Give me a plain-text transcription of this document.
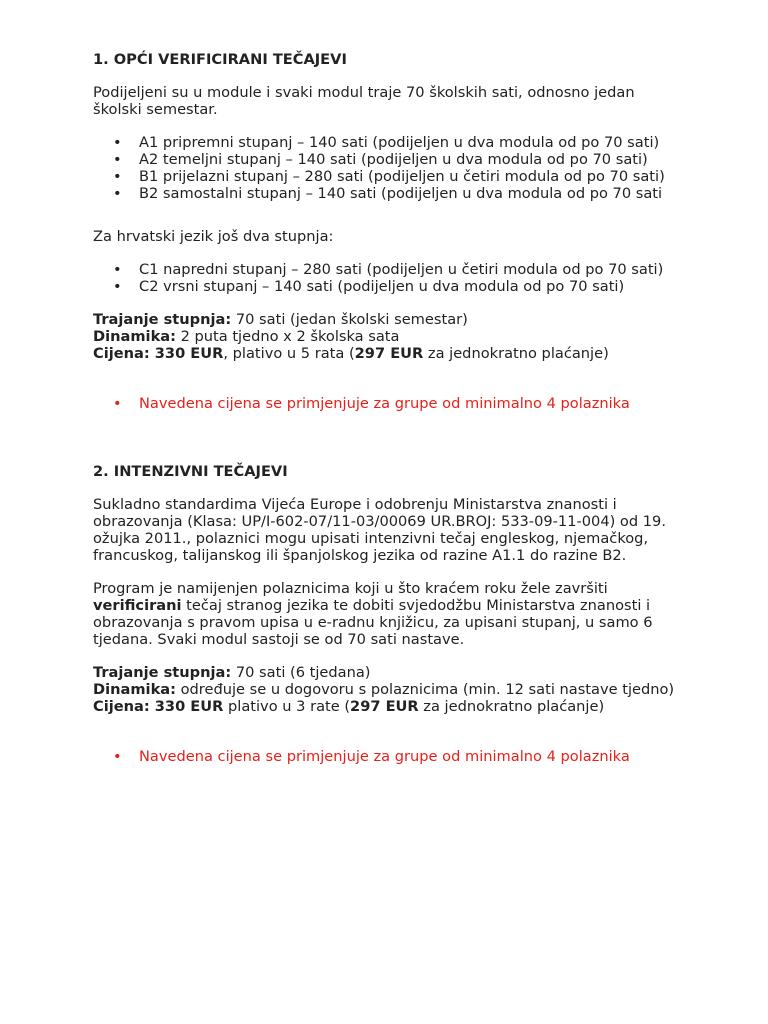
1. OPĆI VERIFICIRANI TEČAJEVI

Podijeljeni su u module i svaki modul traje 70 školskih sati, odnosno jedan školski semestar.

• A1 pripremni stupanj – 140 sati (podijeljen u dva modula od po 70 sati)
• A2 temeljni stupanj – 140 sati (podijeljen u dva modula od po 70 sati)
• B1 prijelazni stupanj – 280 sati (podijeljen u četiri modula od po 70 sati)
• B2 samostalni stupanj – 140 sati (podijeljen u dva modula od po 70 sati

Za hrvatski jezik još dva stupnja:

• C1 napredni stupanj – 280 sati (podijeljen u četiri modula od po 70 sati)
• C2 vrsni stupanj – 140 sati (podijeljen u dva modula od po 70 sati)
Trajanje stupnja: 70 sati (jedan školski semestar)
Dinamika: 2 puta tjedno x 2 školska sata
Cijena: 330 EUR, plativo u 5 rata (297 EUR za jednokratno plaćanje)
• Navedena cijena se primjenjuje za grupe od minimalno 4 polaznika

2. INTENZIVNI TEČAJEVI

Sukladno standardima Vijeća Europe i odobrenju Ministarstva znanosti i obrazovanja (Klasa: UP/I-602-07/11-03/00069 UR.BROJ: 533-09-11-004) od 19. ožujka 2011., polaznici mogu upisati intenzivni tečaj engleskog, njemačkog, francuskog, talijanskog ili španjolskog jezika od razine A1.1 do razine B2.

Program je namijenjen polaznicima koji u što kraćem roku žele završiti verificirani tečaj stranog jezika te dobiti svjedodžbu Ministarstva znanosti i obrazovanja s pravom upisa u e-radnu knjižicu, za upisani stupanj, u samo 6 tjedana. Svaki modul sastoji se od 70 sati nastave.

Trajanje stupnja: 70 sati (6 tjedana)
Dinamika: određuje se u dogovoru s polaznicima (min. 12 sati nastave tjedno)
Cijena: 330 EUR plativo u 3 rate (297 EUR za jednokratno plaćanje)
• Navedena cijena se primjenjuje za grupe od minimalno 4 polaznika
